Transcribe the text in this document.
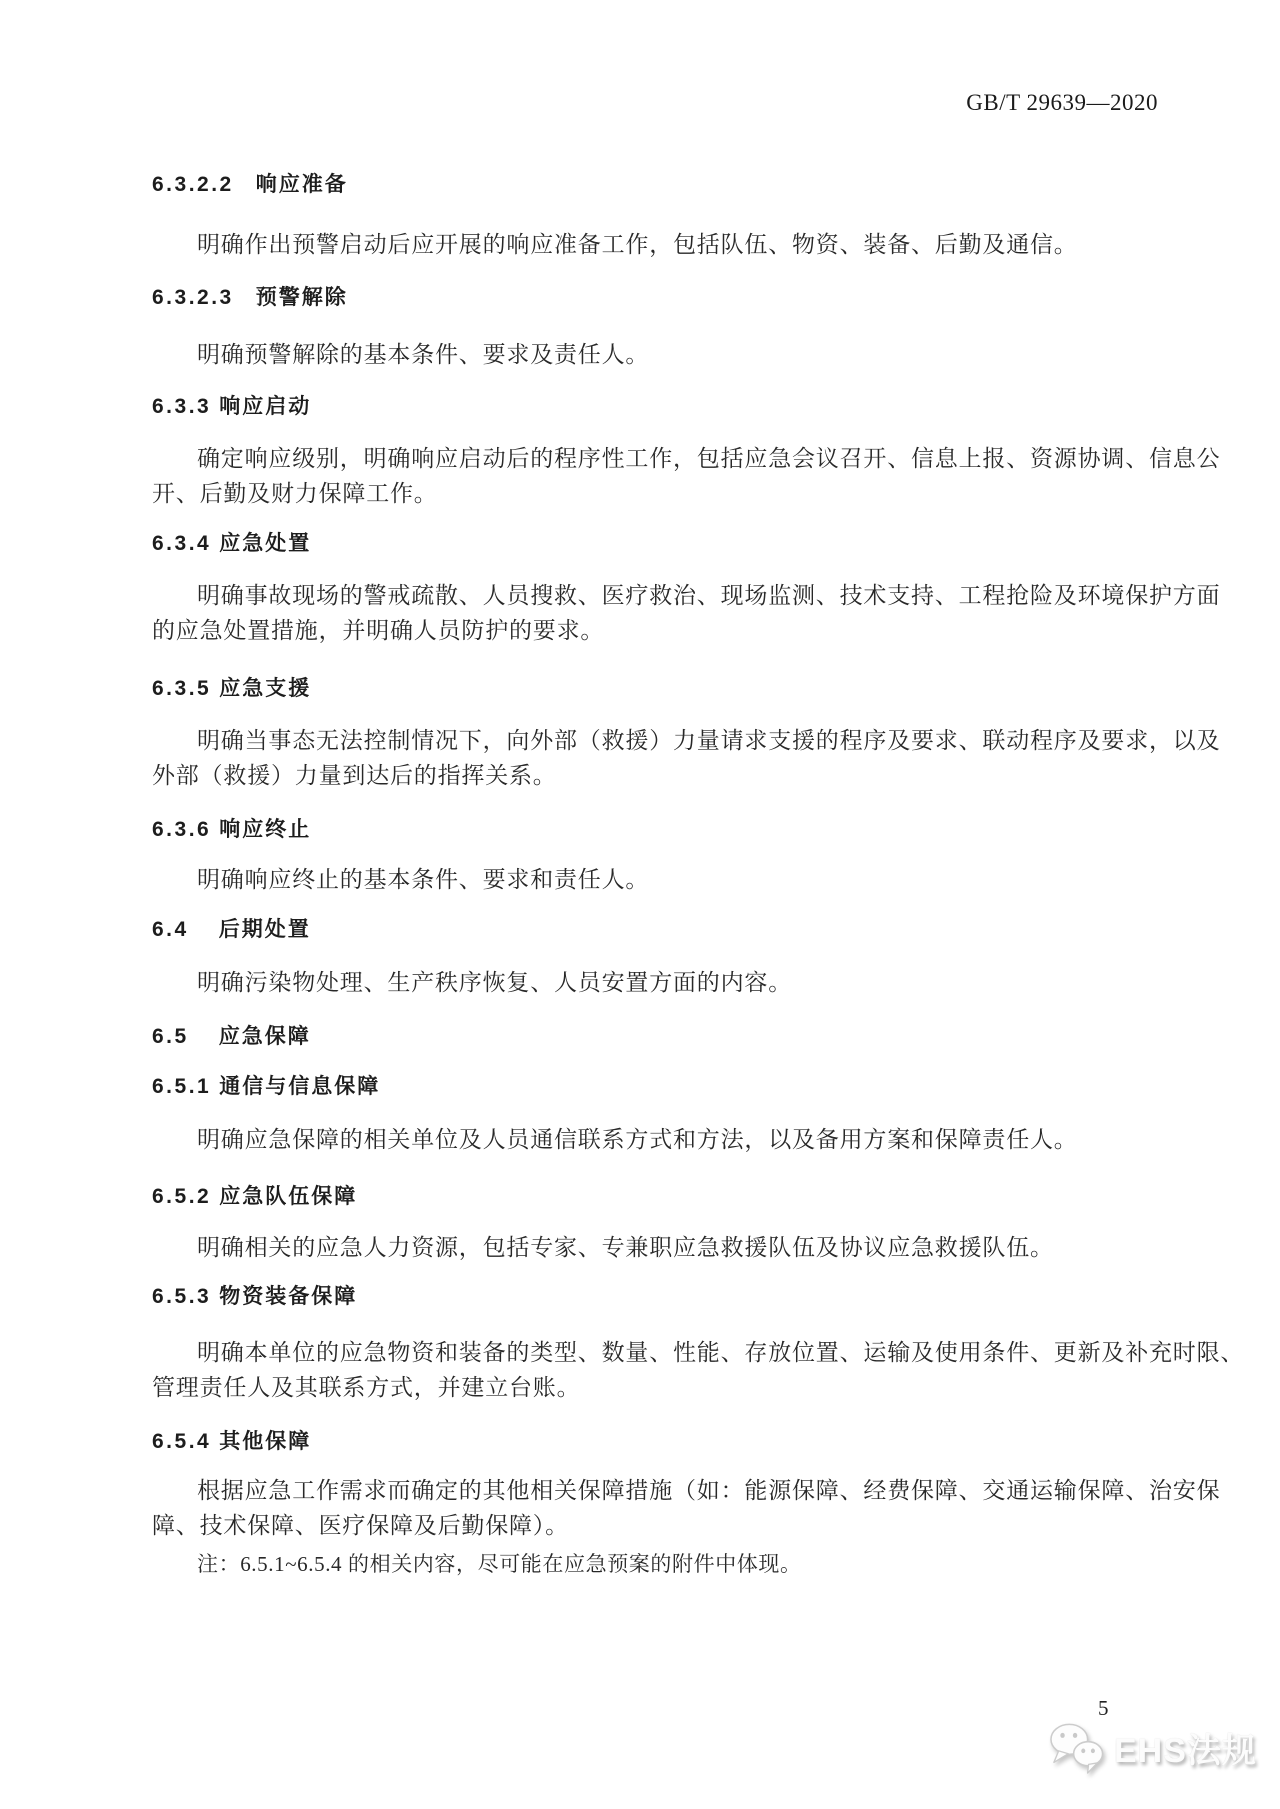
GB/T 29639—2020
6.3.2.2 响应准备
明确作出预警启动后应开展的响应准备工作，包括队伍、物资、装备、后勤及通信。
6.3.2.3 预警解除
明确预警解除的基本条件、要求及责任人。
6.3.3 响应启动
确定响应级别，明确响应启动后的程序性工作，包括应急会议召开、信息上报、资源协调、信息公
开、后勤及财力保障工作。
6.3.4 应急处置
明确事故现场的警戒疏散、人员搜救、医疗救治、现场监测、技术支持、工程抢险及环境保护方面
的应急处置措施，并明确人员防护的要求。
6.3.5 应急支援
明确当事态无法控制情况下，向外部（救援）力量请求支援的程序及要求、联动程序及要求，以及
外部（救援）力量到达后的指挥关系。
6.3.6 响应终止
明确响应终止的基本条件、要求和责任人。
6.4 后期处置
明确污染物处理、生产秩序恢复、人员安置方面的内容。
6.5 应急保障
6.5.1 通信与信息保障
明确应急保障的相关单位及人员通信联系方式和方法，以及备用方案和保障责任人。
6.5.2 应急队伍保障
明确相关的应急人力资源，包括专家、专兼职应急救援队伍及协议应急救援队伍。
6.5.3 物资装备保障
明确本单位的应急物资和装备的类型、数量、性能、存放位置、运输及使用条件、更新及补充时限、
管理责任人及其联系方式，并建立台账。
6.5.4 其他保障
根据应急工作需求而确定的其他相关保障措施（如：能源保障、经费保障、交通运输保障、治安保
障、技术保障、医疗保障及后勤保障）。
注：6.5.1~6.5.4 的相关内容，尽可能在应急预案的附件中体现。
5
EHS法规
